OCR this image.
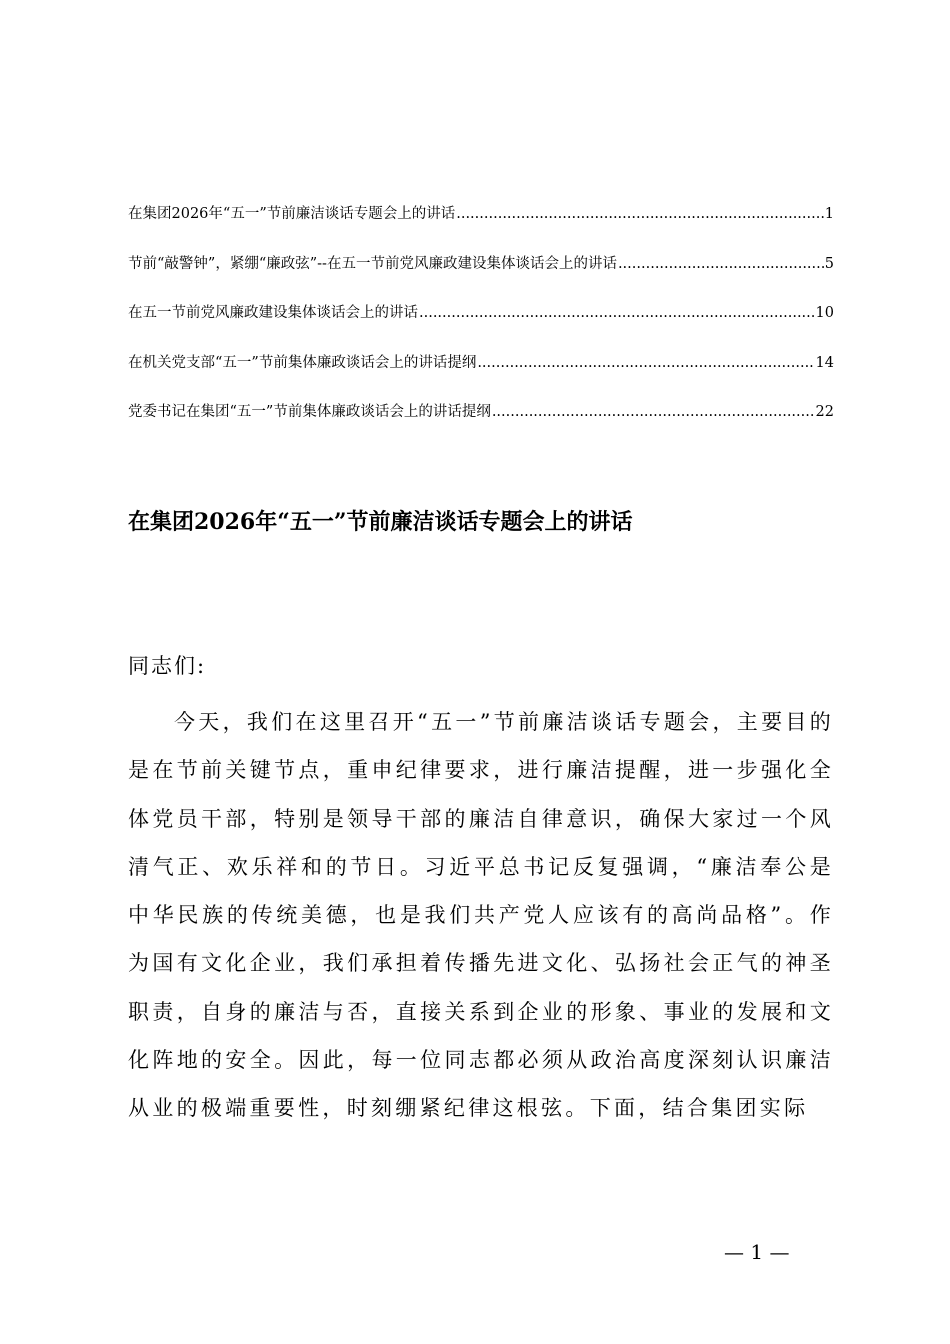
在集团2026年“五一”节前廉洁谈话专题会上的讲话 .....	1
节前“敲警钟”，紧绷“廉政弦”--在五一节前党风廉政建设集体谈话会上的讲话 .....	5
在五一节前党风廉政建设集体谈话会上的讲话 .....	10
在机关党支部“五一”节前集体廉政谈话会上的讲话提纲 .....	14
党委书记在集团“五一”节前集体廉政谈话会上的讲话提纲 .....	22
在集团2026年“五一”节前廉洁谈话专题会上的讲话
同志们:

今天，我们在这里召开“五一”节前廉洁谈话专题会，主要目的是在节前关键节点，重申纪律要求，进行廉洁提醒，进一步强化全体党员干部，特别是领导干部的廉洁自律意识，确保大家过一个风清气正、欢乐祥和的节日。习近平总书记反复强调，“廉洁奉公是中华民族的传统美德，也是我们共产党人应该有的高尚品格”。作为国有文化企业，我们承担着传播先进文化、弘扬社会正气的神圣职责，自身的廉洁与否，直接关系到企业的形象、事业的发展和文化阵地的安全。因此，每一位同志都必须从政治高度深刻认识廉洁从业的极端重要性，时刻绷紧纪律这根弦。下面，结合集团实际

— 1 —
